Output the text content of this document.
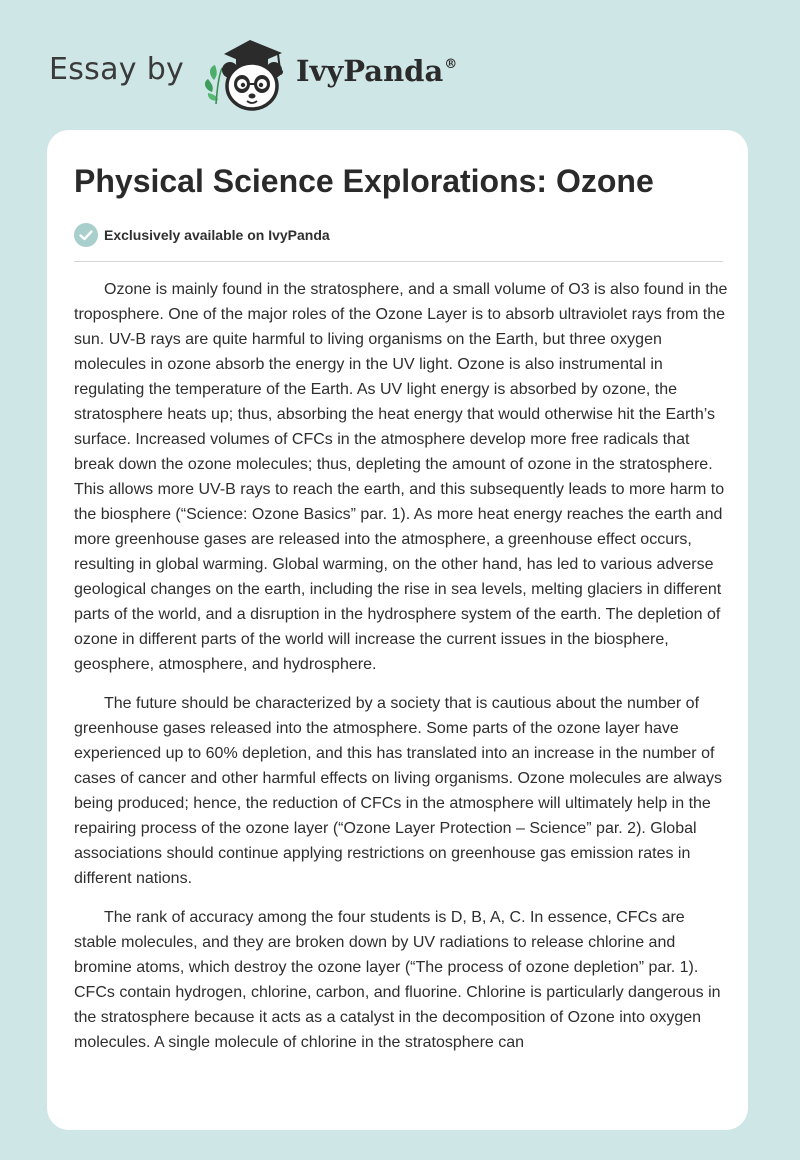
Essay by	IvyPanda®
Physical Science Explorations: Ozone
Exclusively available on IvyPanda

Ozone is mainly found in the stratosphere, and a small volume of O3 is also found in the troposphere. One of the major roles of the Ozone Layer is to absorb ultraviolet rays from the sun. UV-B rays are quite harmful to living organisms on the Earth, but three oxygen molecules in ozone absorb the energy in the UV light. Ozone is also instrumental in regulating the temperature of the Earth. As UV light energy is absorbed by ozone, the stratosphere heats up; thus, absorbing the heat energy that would otherwise hit the Earth’s surface. Increased volumes of CFCs in the atmosphere develop more free radicals that break down the ozone molecules; thus, depleting the amount of ozone in the stratosphere. This allows more UV-B rays to reach the earth, and this subsequently leads to more harm to the biosphere (“Science: Ozone Basics” par. 1). As more heat energy reaches the earth and more greenhouse gases are released into the atmosphere, a greenhouse effect occurs, resulting in global warming. Global warming, on the other hand, has led to various adverse geological changes on the earth, including the rise in sea levels, melting glaciers in different parts of the world, and a disruption in the hydrosphere system of the earth. The depletion of ozone in different parts of the world will increase the current issues in the biosphere, geosphere, atmosphere, and hydrosphere.

The future should be characterized by a society that is cautious about the number of greenhouse gases released into the atmosphere. Some parts of the ozone layer have experienced up to 60% depletion, and this has translated into an increase in the number of cases of cancer and other harmful effects on living organisms. Ozone molecules are always being produced; hence, the reduction of CFCs in the atmosphere will ultimately help in the repairing process of the ozone layer (“Ozone Layer Protection – Science” par. 2). Global associations should continue applying restrictions on greenhouse gas emission rates in different nations.

The rank of accuracy among the four students is D, B, A, C. In essence, CFCs are stable molecules, and they are broken down by UV radiations to release chlorine and bromine atoms, which destroy the ozone layer (“The process of ozone depletion” par. 1). CFCs contain hydrogen, chlorine, carbon, and fluorine. Chlorine is particularly dangerous in the stratosphere because it acts as a catalyst in the decomposition of Ozone into oxygen molecules. A single molecule of chlorine in the stratosphere can
